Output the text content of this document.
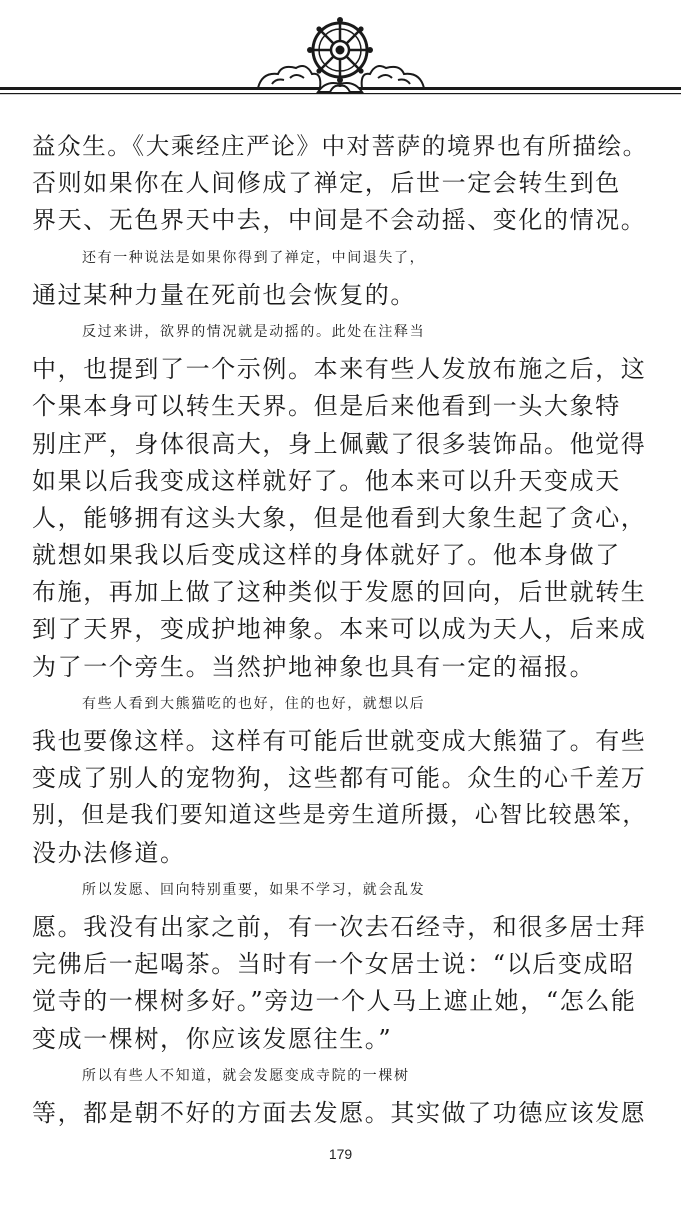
益众生。《大乘经庄严论》中对菩萨的境界也有所描绘。
否则如果你在人间修成了禅定，后世一定会转生到色
界天、无色界天中去，中间是不会动摇、变化的情况。
还有一种说法是如果你得到了禅定，中间退失了，
通过某种力量在死前也会恢复的。
反过来讲，欲界的情况就是动摇的。此处在注释当
中，也提到了一个示例。本来有些人发放布施之后，这
个果本身可以转生天界。但是后来他看到一头大象特
别庄严，身体很高大，身上佩戴了很多装饰品。他觉得
如果以后我变成这样就好了。他本来可以升天变成天
人，能够拥有这头大象，但是他看到大象生起了贪心，
就想如果我以后变成这样的身体就好了。他本身做了
布施，再加上做了这种类似于发愿的回向，后世就转生
到了天界，变成护地神象。本来可以成为天人，后来成
为了一个旁生。当然护地神象也具有一定的福报。
有些人看到大熊猫吃的也好，住的也好，就想以后
我也要像这样。这样有可能后世就变成大熊猫了。有些
变成了别人的宠物狗，这些都有可能。众生的心千差万
别，但是我们要知道这些是旁生道所摄，心智比较愚笨，
没办法修道。
所以发愿、回向特别重要，如果不学习，就会乱发
愿。我没有出家之前，有一次去石经寺，和很多居士拜
完佛后一起喝茶。当时有一个女居士说：“以后变成昭
觉寺的一棵树多好。”旁边一个人马上遮止她，“怎么能
变成一棵树，你应该发愿往生。”
所以有些人不知道，就会发愿变成寺院的一棵树
等，都是朝不好的方面去发愿。其实做了功德应该发愿
179
